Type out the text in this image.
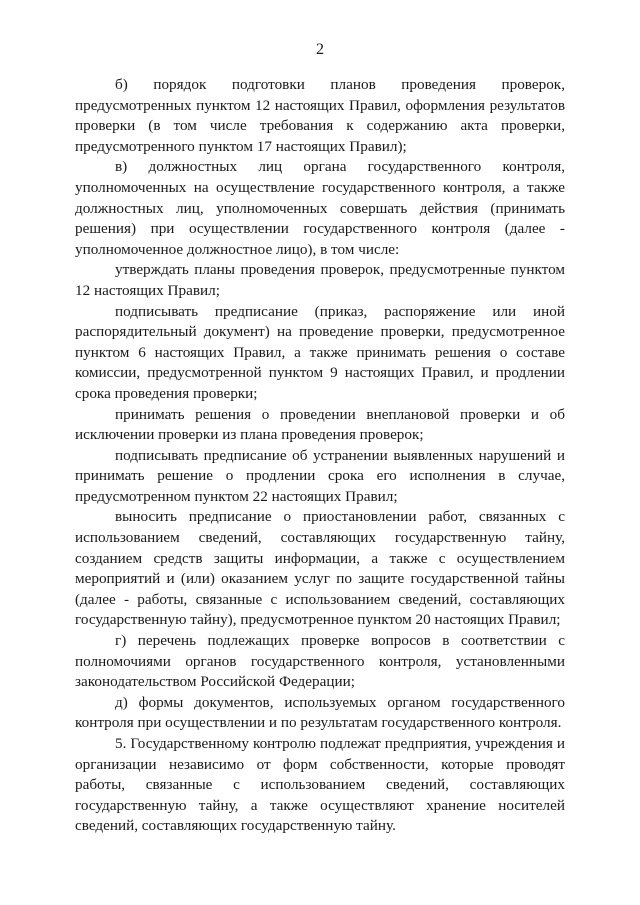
2

б) порядок подготовки планов проведения проверок, предусмотренных пунктом 12 настоящих Правил, оформления результатов проверки (в том числе требования к содержанию акта проверки, предусмотренного пунктом 17 настоящих Правил);

в) должностных лиц органа государственного контроля, уполномоченных на осуществление государственного контроля, а также должностных лиц, уполномоченных совершать действия (принимать решения) при осуществлении государственного контроля (далее - уполномоченное должностное лицо), в том числе:

утверждать планы проведения проверок, предусмотренные пунктом 12 настоящих Правил;

подписывать предписание (приказ, распоряжение или иной распорядительный документ) на проведение проверки, предусмотренное пунктом 6 настоящих Правил, а также принимать решения о составе комиссии, предусмотренной пунктом 9 настоящих Правил, и продлении срока проведения проверки;

принимать решения о проведении внеплановой проверки и об исключении проверки из плана проведения проверок;

подписывать предписание об устранении выявленных нарушений и принимать решение о продлении срока его исполнения в случае, предусмотренном пунктом 22 настоящих Правил;

выносить предписание о приостановлении работ, связанных с использованием сведений, составляющих государственную тайну, созданием средств защиты информации, а также с осуществлением мероприятий и (или) оказанием услуг по защите государственной тайны (далее - работы, связанные с использованием сведений, составляющих государственную тайну), предусмотренное пунктом 20 настоящих Правил;

г) перечень подлежащих проверке вопросов в соответствии с полномочиями органов государственного контроля, установленными законодательством Российской Федерации;

д) формы документов, используемых органом государственного контроля при осуществлении и по результатам государственного контроля.

5. Государственному контролю подлежат предприятия, учреждения и организации независимо от форм собственности, которые проводят работы, связанные с использованием сведений, составляющих государственную тайну, а также осуществляют хранение носителей сведений, составляющих государственную тайну.
